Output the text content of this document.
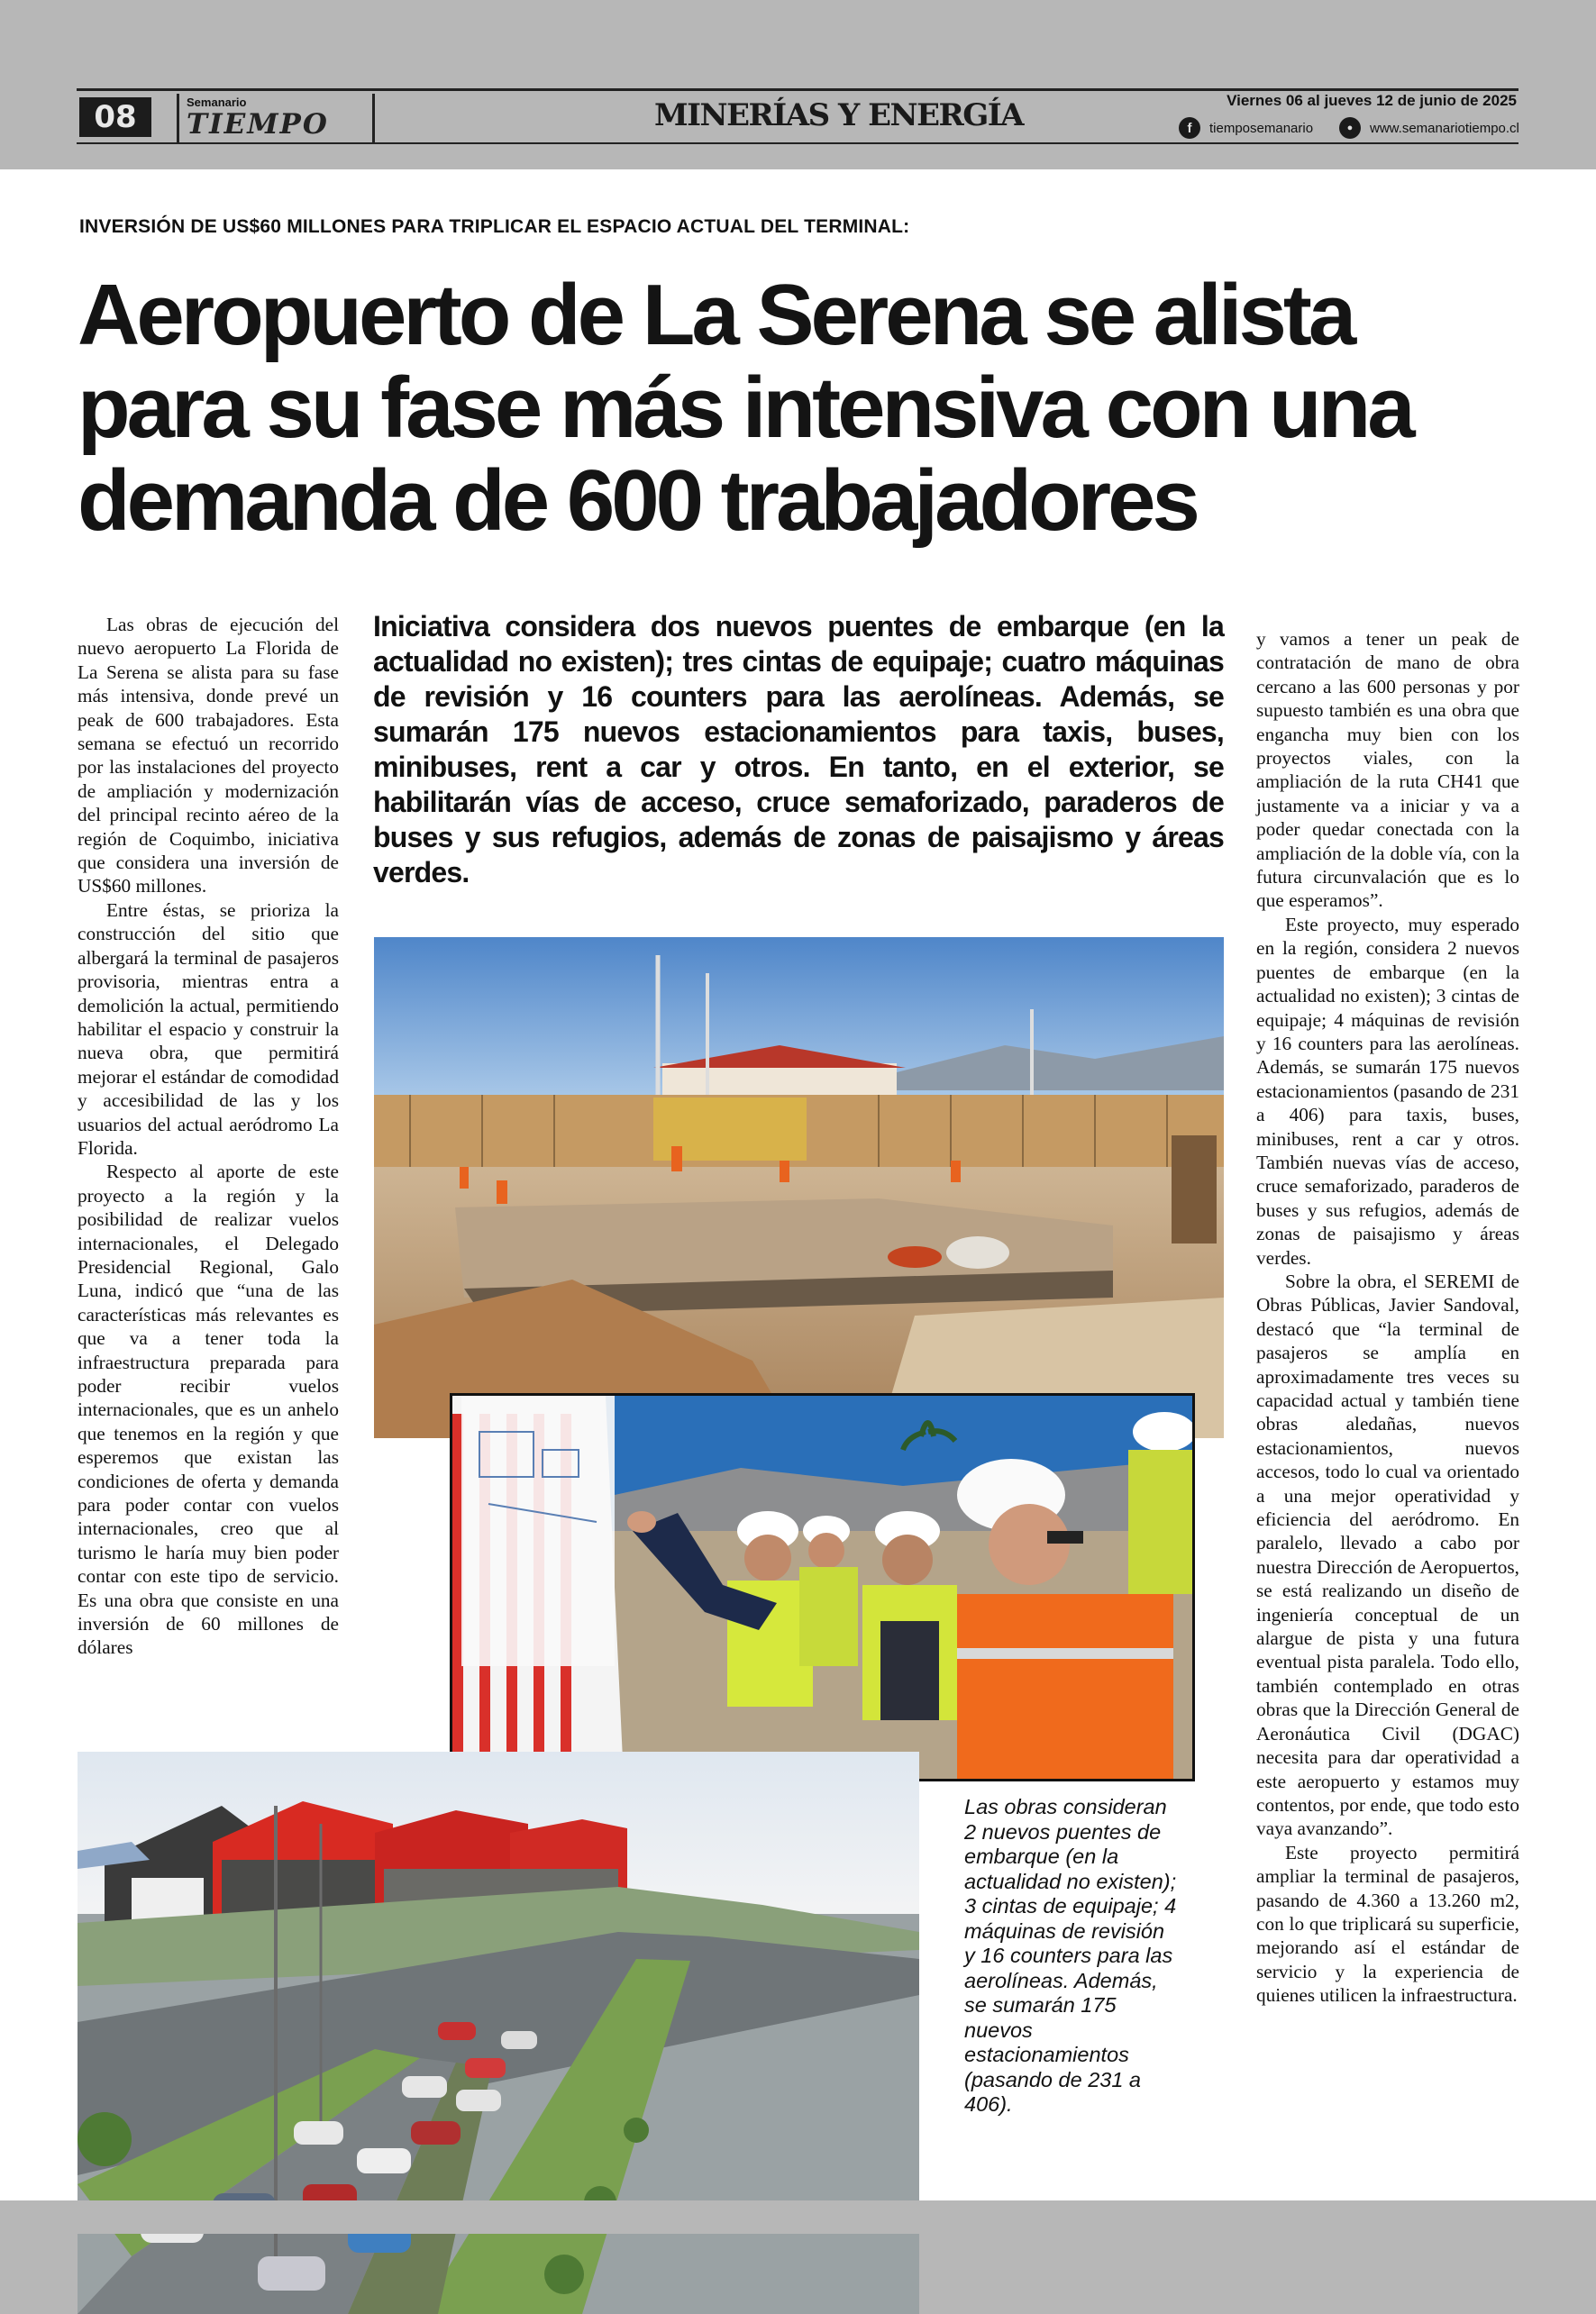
08	Semanario
TIEMPO	MINERÍAS Y ENERGÍA	Viernes 06 al jueves 12 de junio de 2025
f	tiemposemanario	●	www.semanariotiempo.cl
INVERSIÓN DE US$60 MILLONES PARA TRIPLICAR EL ESPACIO ACTUAL DEL TERMINAL:
Aeropuerto de La Serena se alista para su fase más intensiva con una demanda de 600 trabajadores

Las obras de ejecución del nuevo aeropuerto La Florida de La Serena se alista para su fase más intensiva, donde prevé un peak de 600 trabajadores. Esta semana se efectuó un recorrido por las instalaciones del proyecto de ampliación y modernización del principal recinto aéreo de la región de Coquimbo, iniciativa que considera una inversión de US$60 millones.

Entre éstas, se prioriza la construcción del sitio que albergará la terminal de pasajeros provisoria, mientras entra a demolición la actual, permitiendo habilitar el espacio y construir la nueva obra, que permitirá mejorar el estándar de comodidad y accesibilidad de las y los usuarios del actual aeródromo La Florida.

Respecto al aporte de este proyecto a la región y la posibilidad de realizar vuelos internacionales, el Delegado Presidencial Regional, Galo Luna, indicó que “una de las características más relevantes es que va a tener toda la infraestructura preparada para poder recibir vuelos internacionales, que es un anhelo que tenemos en la región y que esperemos que existan las condiciones de oferta y demanda para poder contar con vuelos internacionales, creo que al turismo le haría muy bien poder contar con este tipo de servicio. Es una obra que consiste en una inversión de 60 millones de dólares

Iniciativa considera dos nuevos puentes de embarque (en la actualidad no existen); tres cintas de equipaje; cuatro máquinas de revisión y 16 counters para las aerolíneas. Además, se sumarán 175 nuevos estacionamientos para taxis, buses, minibuses, rent a car y otros. En tanto, en el exterior, se habilitarán vías de acceso, cruce semaforizado, paraderos de buses y sus refugios, además de zonas de paisajismo y áreas verdes.

y vamos a tener un peak de contratación de mano de obra cercano a las 600 personas y por supuesto también es una obra que engancha muy bien con los proyectos viales, con la ampliación de la ruta CH41 que justamente va a iniciar y va a poder quedar conectada con la ampliación de la doble vía, con la futura circunvalación que es lo que esperamos”.

Este proyecto, muy esperado en la región, considera 2 nuevos puentes de embarque (en la actualidad no existen); 3 cintas de equipaje; 4 máquinas de revisión y 16 counters para las aerolíneas. Además, se sumarán 175 nuevos estacionamientos (pasando de 231 a 406) para taxis, buses, minibuses, rent a car y otros. También nuevas vías de acceso, cruce semaforizado, paraderos de buses y sus refugios, además de zonas de paisajismo y áreas verdes.

Sobre la obra, el SEREMI de Obras Públicas, Javier Sandoval, destacó que “la terminal de pasajeros se amplía en aproximadamente tres veces su capacidad actual y también tiene obras aledañas, nuevos estacionamientos, nuevos accesos, todo lo cual va orientado a una mejor operatividad y eficiencia del aeródromo. En paralelo, llevado a cabo por nuestra Dirección de Aeropuertos, se está realizando un diseño de ingeniería conceptual de un alargue de pista y una futura eventual pista paralela. Todo ello, también contemplado en otras obras que la Dirección General de Aeronáutica Civil (DGAC) necesita para dar operatividad a este aeropuerto y estamos muy contentos, por ende, que todo esto vaya avanzando”.

Este proyecto permitirá ampliar la terminal de pasajeros, pasando de 4.360 a 13.260 m2, con lo que triplicará su superficie, mejorando así el estándar de servicio y la experiencia de quienes utilicen la infraestructura.

Las obras consideran 2 nuevos puentes de embarque (en la actualidad no existen); 3 cintas de equipaje; 4 máquinas de revisión y 16 counters para las aerolíneas. Además, se sumarán 175 nuevos estacionamientos (pasando de 231 a 406).
